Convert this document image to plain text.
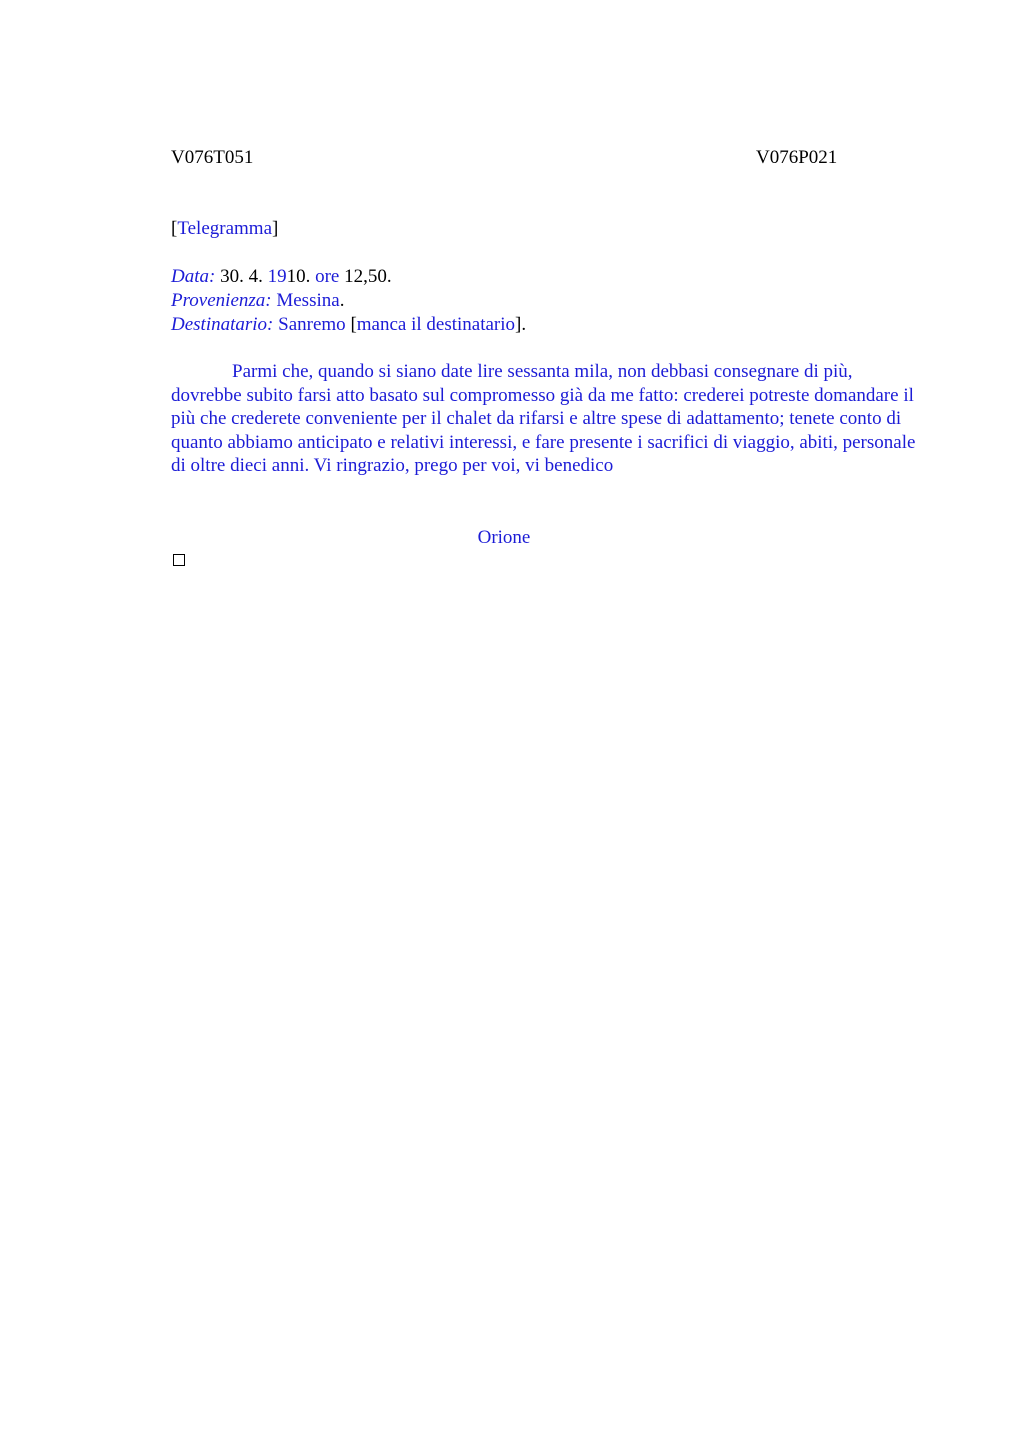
V076T051	V076P021
[Telegramma]
Data: 30. 4. 1910. ore 12,50.
Provenienza: Messina.
Destinatario: Sanremo [manca il destinatario].

Parmi che, quando si siano date lire sessanta mila, non debbasi consegnare di più, dovrebbe subito farsi atto basato sul compromesso già da me fatto: crederei potreste domandare il più che crederete conveniente per il chalet da rifarsi e altre spese di adattamento; tenete conto di quanto abbiamo anticipato e relativi interessi, e fare presente i sacrifici di viaggio, abiti, personale di oltre dieci anni. Vi ringrazio, prego per voi, vi benedico

Orione
